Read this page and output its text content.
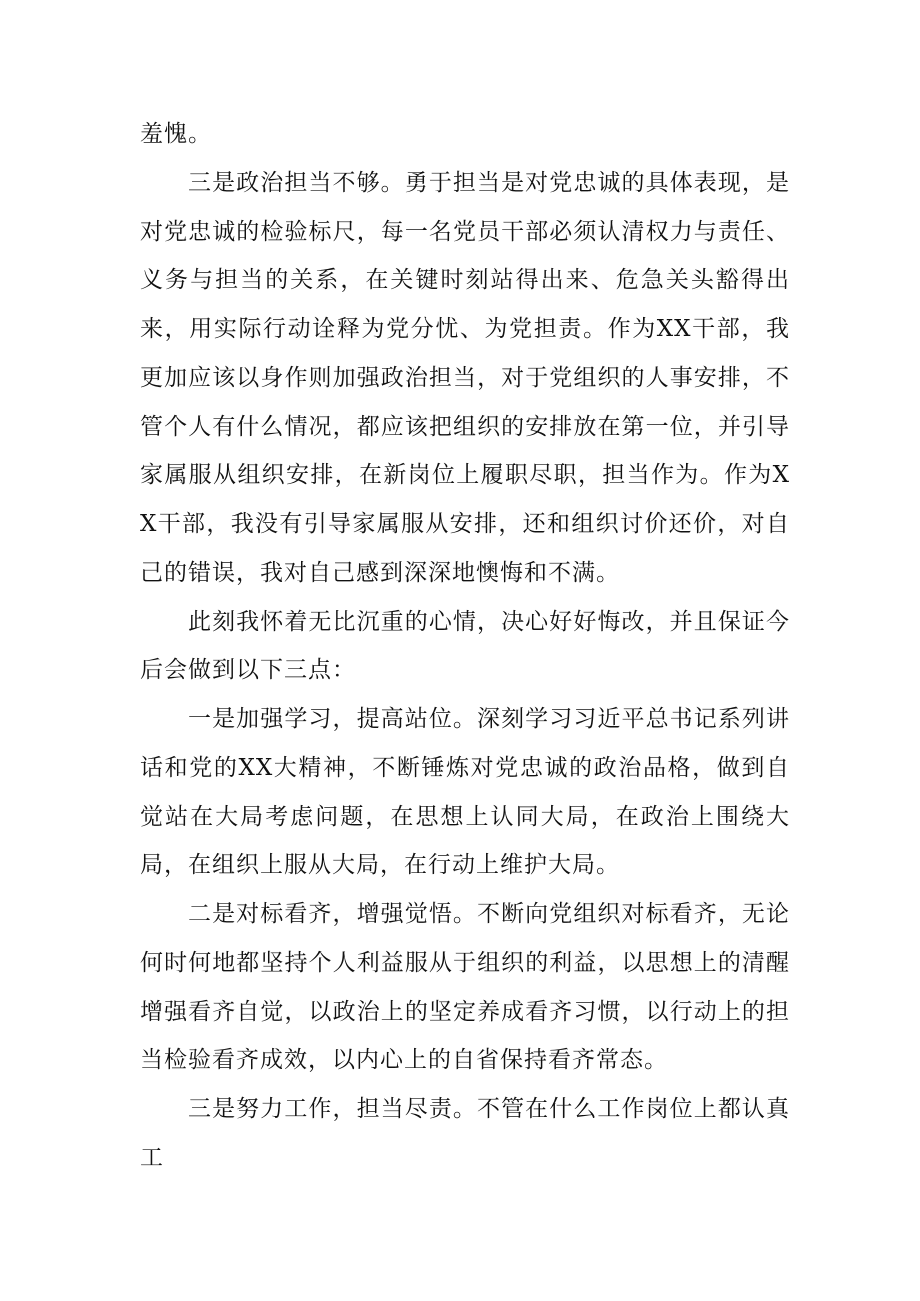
羞愧。

三是政治担当不够。勇于担当是对党忠诚的具体表现，是对党忠诚的检验标尺，每一名党员干部必须认清权力与责任、义务与担当的关系，在关键时刻站得出来、危急关头豁得出来，用实际行动诠释为党分忧、为党担责。作为XX干部，我更加应该以身作则加强政治担当，对于党组织的人事安排，不管个人有什么情况，都应该把组织的安排放在第一位，并引导家属服从组织安排，在新岗位上履职尽职，担当作为。作为XX干部，我没有引导家属服从安排，还和组织讨价还价，对自己的错误，我对自己感到深深地懊悔和不满。

此刻我怀着无比沉重的心情，决心好好悔改，并且保证今后会做到以下三点：

一是加强学习，提高站位。深刻学习习近平总书记系列讲话和党的XX大精神，不断锤炼对党忠诚的政治品格，做到自觉站在大局考虑问题，在思想上认同大局，在政治上围绕大局，在组织上服从大局，在行动上维护大局。

二是对标看齐，增强觉悟。不断向党组织对标看齐，无论何时何地都坚持个人利益服从于组织的利益，以思想上的清醒增强看齐自觉，以政治上的坚定养成看齐习惯，以行动上的担当检验看齐成效，以内心上的自省保持看齐常态。

三是努力工作，担当尽责。不管在什么工作岗位上都认真工
